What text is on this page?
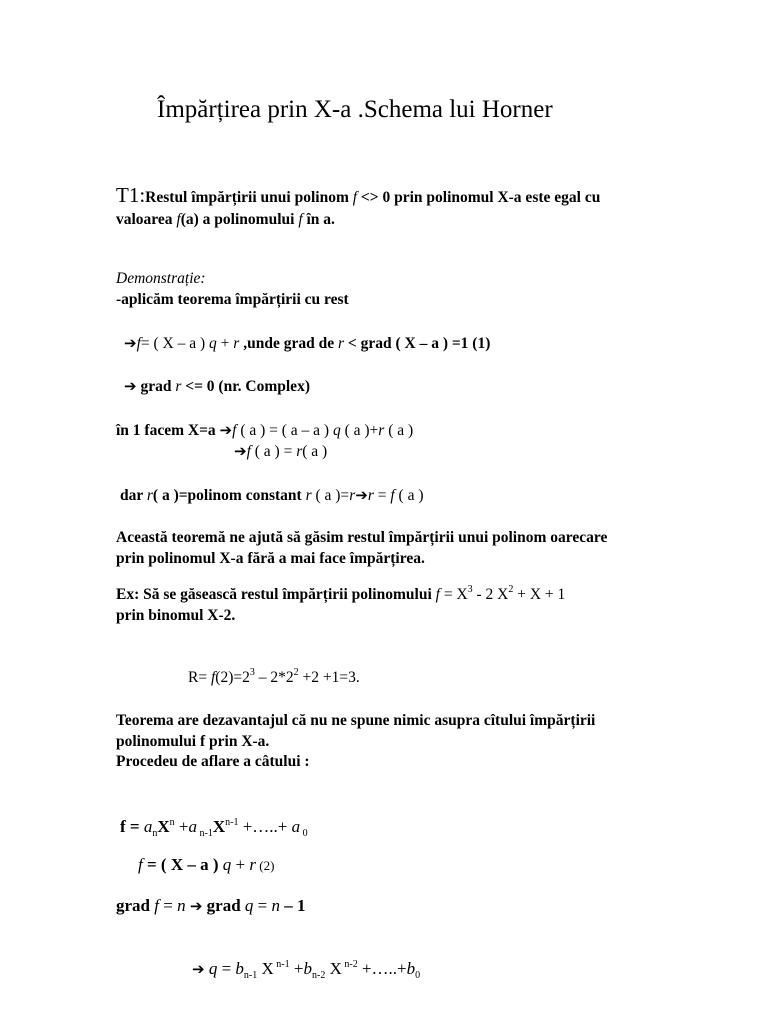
Împărțirea prin X-a .Schema lui Horner
T1:Restul împărțirii unui polinom f <> 0 prin polinomul X-a este egal cu
valoarea f(a) a polinomului f în a.
Demonstrație:
-aplicăm teorema împărțirii cu rest
➔f= ( X – a ) q + r ,unde grad de r < grad ( X – a ) =1 (1)
➔ grad r <= 0 (nr. Complex)
în 1 facem X=a ➔f ( a ) = ( a – a ) q ( a )+r ( a )
➔f ( a ) = r( a )
dar r( a )=polinom constant r ( a )=r➔r = f ( a )
Această teoremă ne ajută să găsim restul împărțirii unui polinom oarecare
prin polinomul X-a fără a mai face împărțirea.
Ex: Să se găsească restul împărțirii polinomului $f = X^3 - 2$ $X^2 + X + 1$
prin binomul X-2.
$R= f(2)=2^3 - 2*2^2 +2 +1=3$.
Teorema are dezavantajul că nu ne spune nimic asupra cîtului împărțirii
polinomului f prin X-a.
Procedeu de aflare a câtului :
$f = a_nX^n +a$ $_{n-1}X^{n-1}$ +…..+ a $_0$
f = ( X – a ) q + r (2)
grad f = n ➔ grad q = n – 1
➔ $q = b_{n-1}$ X $^{n-1} +b_{n-2}$ X $^{n-2} +\dots..+b_0$
